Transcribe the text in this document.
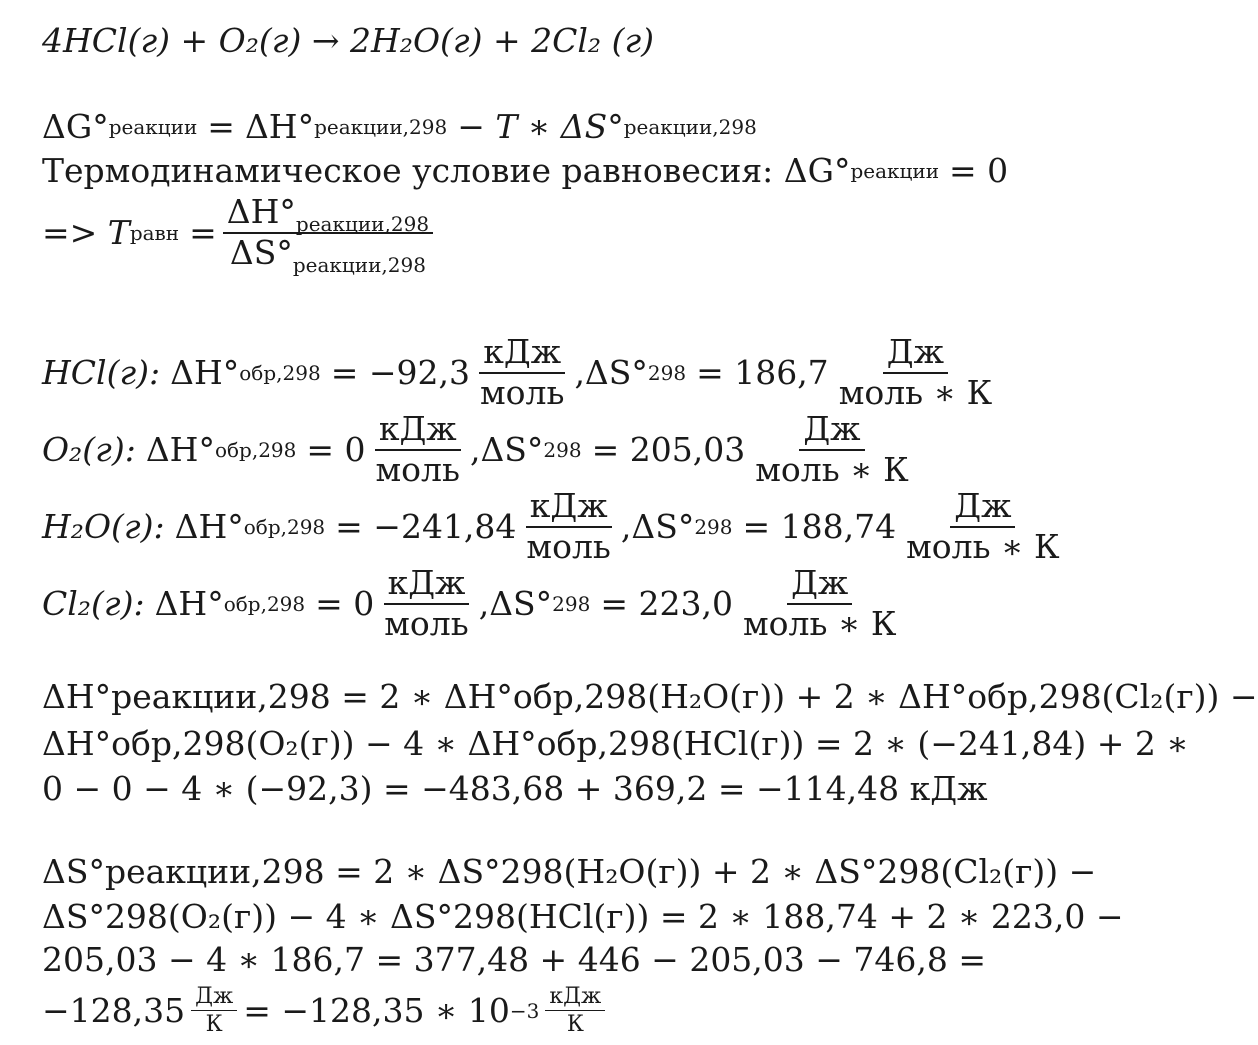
4HCl(г) + O₂(г) → 2H₂O(г) + 2Cl₂ (г)
ΔG° реакции = ΔH° реакции,298 − T ∗ ΔS° реакции,298
Термодинамическое условие равновесия: ΔG° реакции = 0
=> T равн = $\frac{\Delta H^\circ_{реакции,298}}{\Delta S^\circ_{реакции,298}}$
HCl(г): ΔH° $обр,298 = -92,3 \frac{\text{кДж}}{\text{моль}} ,\Delta S^\circ$ $298 = 186,7 \frac{Дж}{\text{моль ∗ К}}$
O₂(г): ΔH° $обр,298 = 0 \frac{\text{кДж}}{\text{моль}} ,\Delta S^\circ$ $298 = 205,03 \frac{Дж}{\text{моль ∗ К}}$
H₂O(г): ΔH° $обр,298 = -241,84 \frac{\text{кДж}}{\text{моль}} ,\Delta S^\circ$ $298 = 188,74 \frac{Дж}{\text{моль ∗ К}}$
Cl₂(г): ΔH° $обр,298 = 0 \frac{\text{кДж}}{\text{моль}} ,\Delta S^\circ$ $298 = 223,0 \frac{Дж}{\text{моль ∗ К}}$
ΔH°реакции,298 = 2 ∗ ΔH°обр,298(H₂O(г)) + 2 ∗ ΔH°обр,298(Cl₂(г)) −
ΔH°обр,298(O₂(г)) − 4 ∗ ΔH°обр,298(HCl(г)) = 2 ∗ (−241,84) + 2 ∗
0 − 0 − 4 ∗ (−92,3) = −483,68 + 369,2 = −114,48 кДж
ΔS°реакции,298 = 2 ∗ ΔS°298(H₂O(г)) + 2 ∗ ΔS°298(Cl₂(г)) −
ΔS°298(O₂(г)) − 4 ∗ ΔS°298(HCl(г)) = 2 ∗ 188,74 + 2 ∗ 223,0 −
205,03 − 4 ∗ 186,7 = 377,48 + 446 − 205,03 − 746,8 =
$-128,35 \frac{Дж}{К} = -128,35$ ∗ $10 -3 \frac{\text{кДж}}{К}$
